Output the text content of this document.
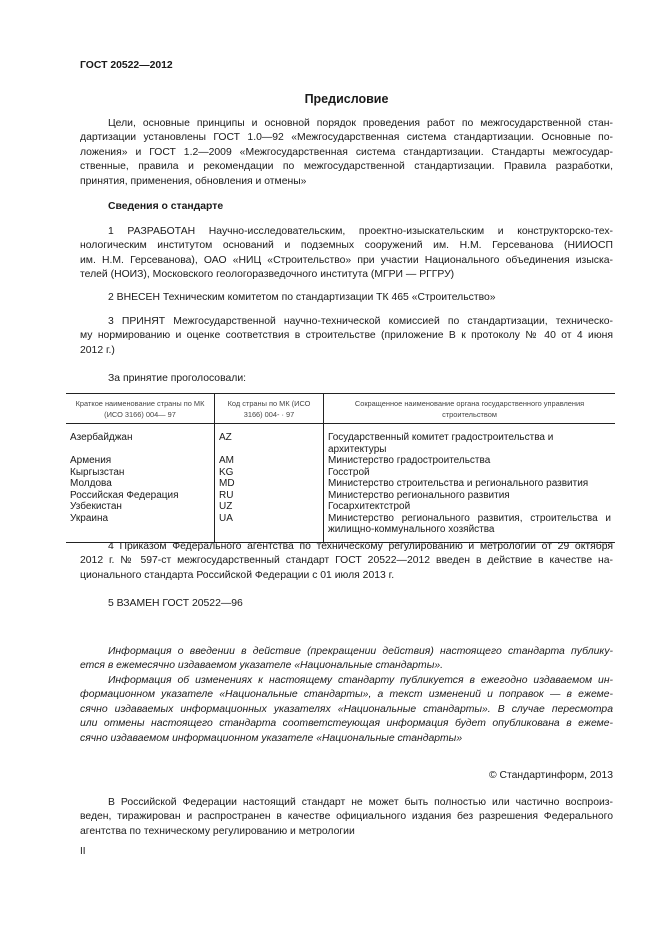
ГОСТ 20522—2012
Предисловие
Цели, основные принципы и основной порядок проведения работ по межгосударственной стан-
дартизации установлены ГОСТ 1.0—92 «Межгосударственная система стандартизации. Основные по-
ложения» и ГОСТ 1.2—2009 «Межгосударственная система стандартизации. Стандарты межгосудар-
ственные, правила и рекомендации по межгосударственной стандартизации. Правила разработки,
принятия, применения, обновления и отмены»
Сведения о стандарте
1 РАЗРАБОТАН Научно-исследовательским, проектно-изыскательским и конструкторско-тех-
нологическим институтом оснований и подземных сооружений им. Н.М. Герсеванова (НИИОСП
им. Н.М. Герсеванова), ОАО «НИЦ «Строительство» при участии Национального объединения изыска-
телей (НОИЗ), Московского геологоразведочного института (МГРИ — РГГРУ)
2 ВНЕСЕН Техническим комитетом по стандартизации ТК 465 «Строительство»
3 ПРИНЯТ Межгосударственной научно-технической комиссией по стандартизации, техническо-
му нормированию и оценке соответствия в строительстве (приложение В к протоколу № 40 от 4 июня
2012 г.)
За принятие проголосовали:
Краткое наименование страны по МК (ИСО 3166) 004— 97	Код страны по МК (ИСО 3166) 004- · 97	Сокращенное наименование органа государственного управления строительством
Азербайджан	AZ	Государственный комитет градостроительства и архитектуры
Армения	AM	Министерство градостроительства
Кыргызстан	KG	Госстрой
Молдова	MD	Министерство строительства и регионального развития
Российская Федерация	RU	Министерство регионального развития
Узбекистан	UZ	Госархитектстрой
Украина	UA	Министерство регионального развития, строительства и жилищно-коммунального хозяйства
4 Приказом Федерального агентства по техническому регулированию и метрологии от 29 октября
2012 г. № 597-ст межгосударственный стандарт ГОСТ 20522—2012 введен в действие в качестве на-
ционального стандарта Российской Федерации с 01 июля 2013 г.
5 ВЗАМЕН ГОСТ 20522—96
Информация о введении в действие (прекращении действия) настоящего стандарта публику-
ется в ежемесячно издаваемом указателе «Национальные стандарты».
Информация об изменениях к настоящему стандарту публикуется в ежегодно издаваемом ин-
формационном указателе «Национальные стандарты», а текст изменений и поправок — в ежеме-
сячно издаваемых информационных указателях «Национальные стандарты». В случае пересмотра
или отмены настоящего стандарта соответстеующая информация будет опубликована в ежеме-
сячно издаваемом информационном указателе «Национальные стандарты»
© Стандартинформ, 2013
В Российской Федерации настоящий стандарт не может быть полностью или частично воспроиз-
веден, тиражирован и распространен в качестве официального издания без разрешения Федерального
агентства по техническому регулированию и метрологии
II
